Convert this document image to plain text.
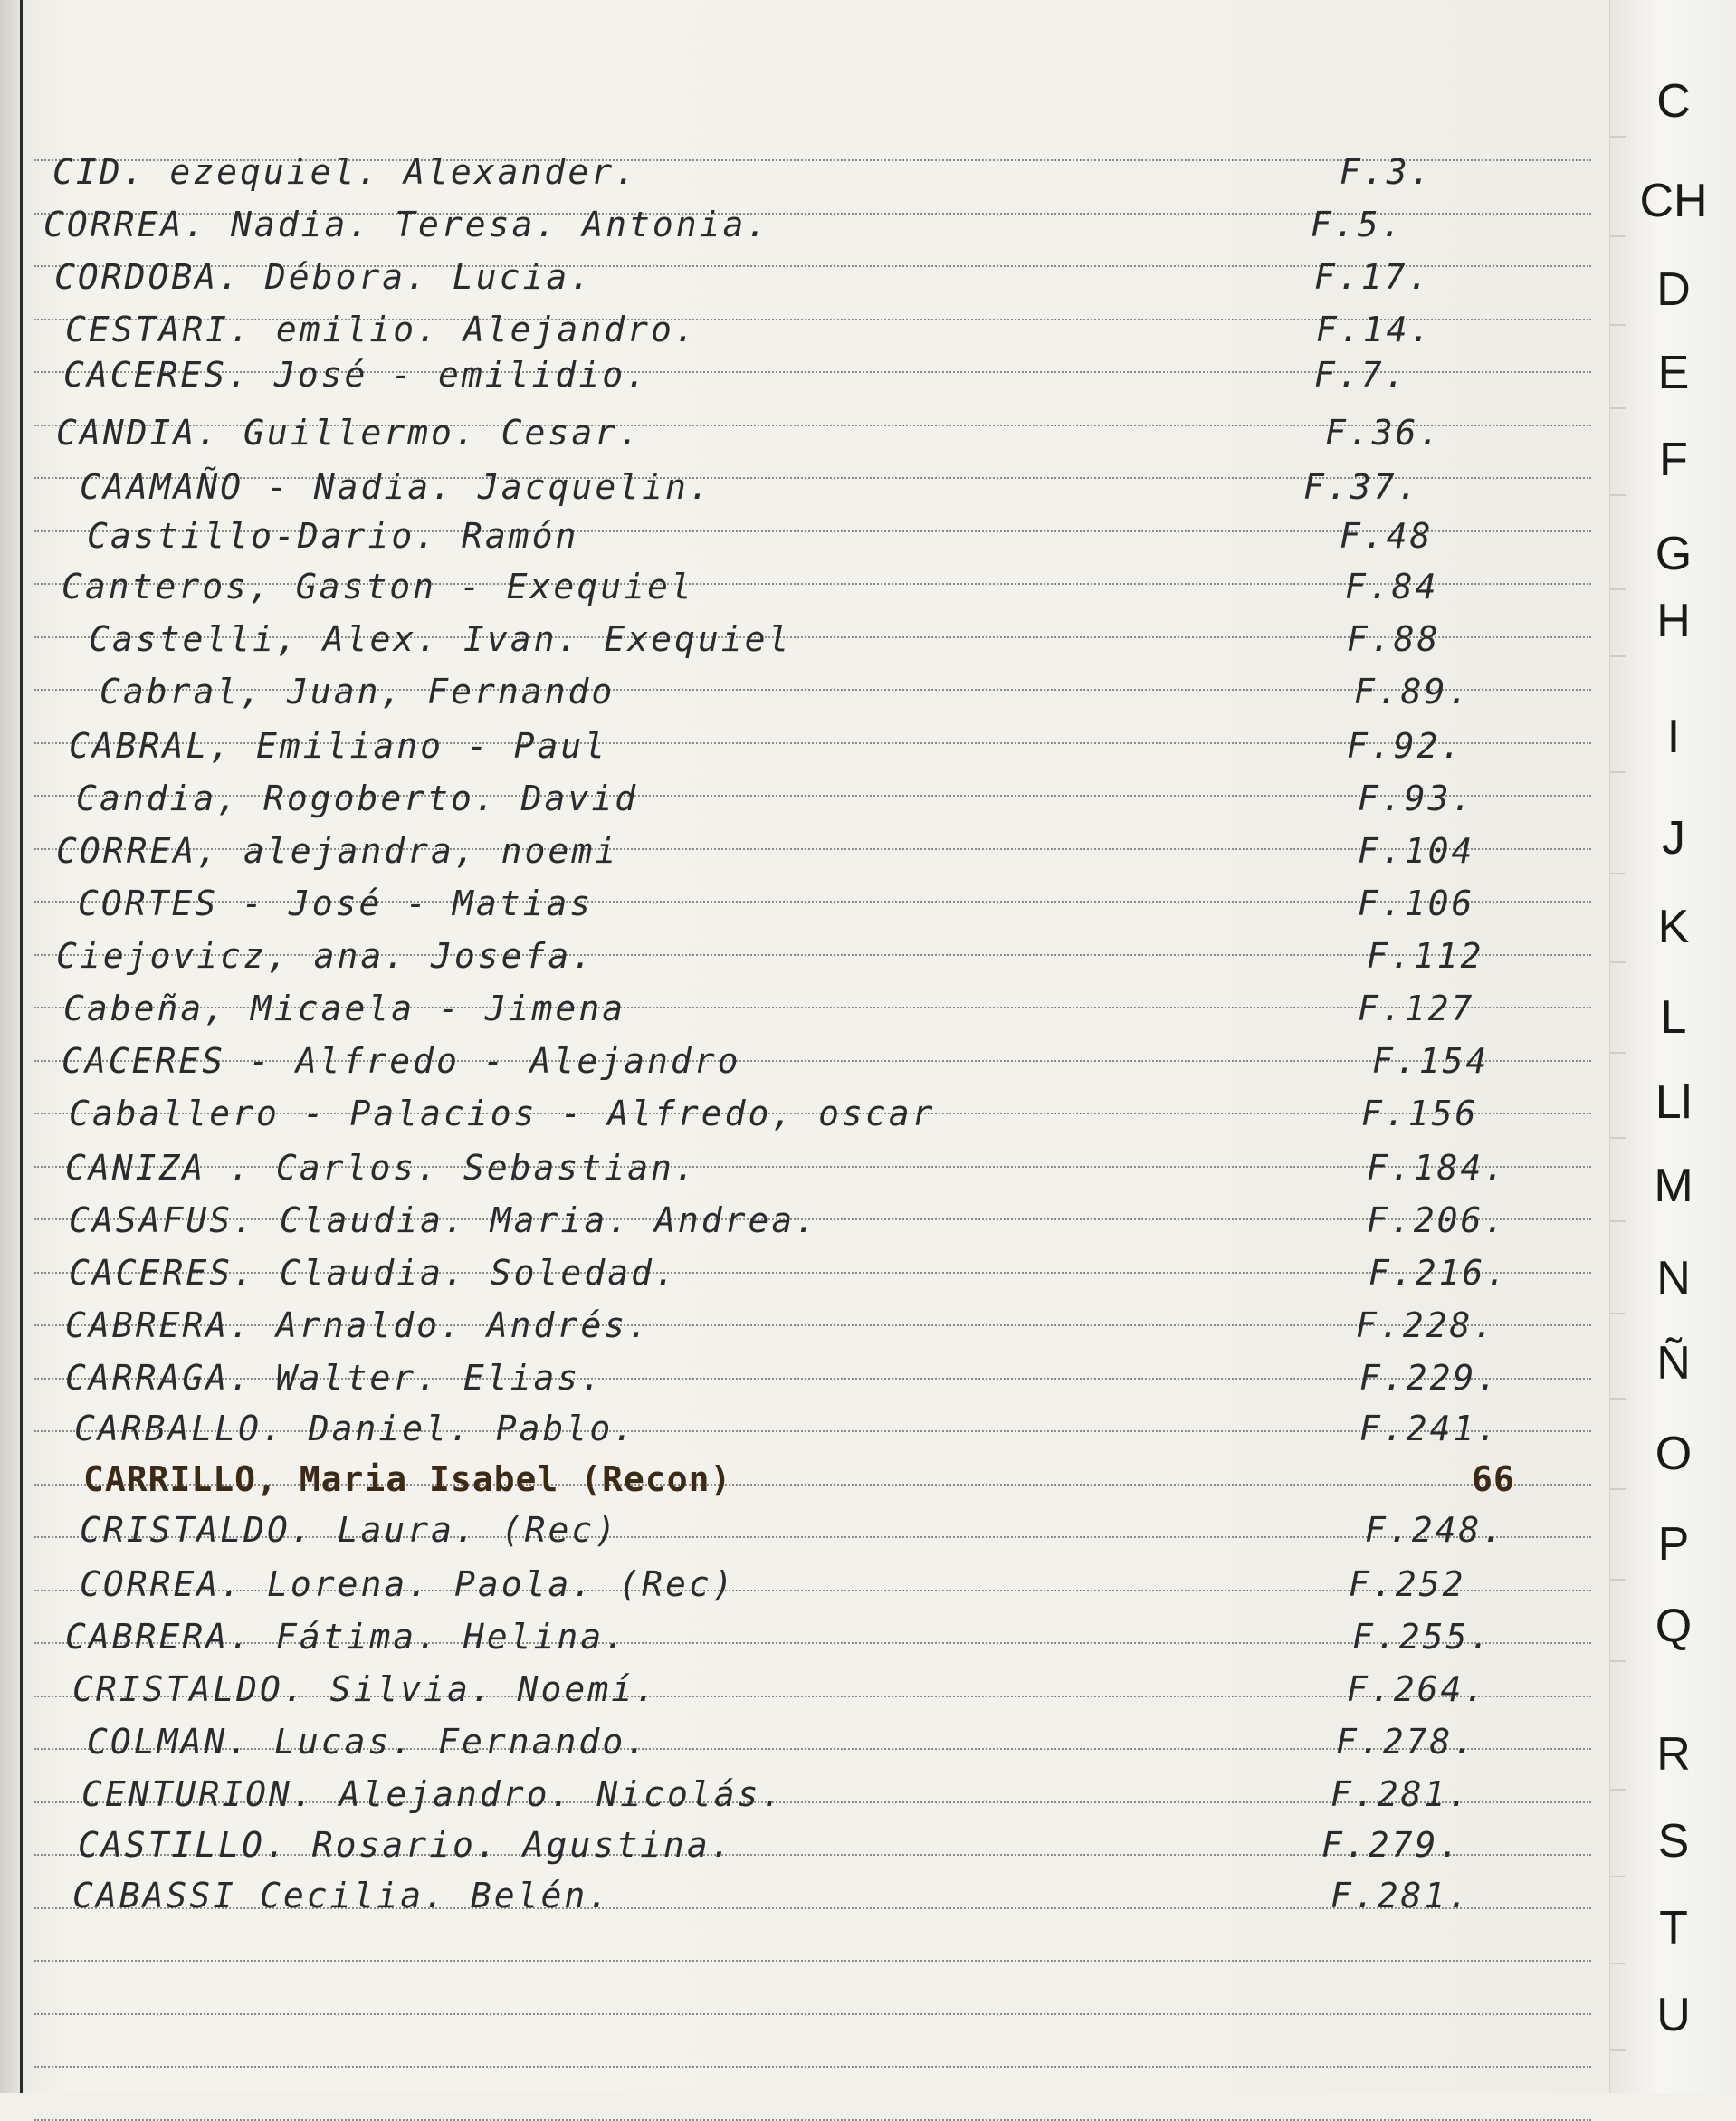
CID. ezequiel. Alexander.	F.3.
CORREA. Nadia. Teresa. Antonia.	F.5.
CORDOBA. Débora. Lucia.	F.17.
CESTARI. emilio. Alejandro.	F.14.
CACERES. José - emilidio.	F.7.
CANDIA. Guillermo. Cesar.	F.36.
CAAMAÑO - Nadia. Jacquelin.	F.37.
Castillo-Dario. Ramón	F.48
Canteros, Gaston - Exequiel	F.84
Castelli, Alex. Ivan. Exequiel	F.88
Cabral, Juan, Fernando	F.89.
CABRAL, Emiliano - Paul	F.92.
Candia, Rogoberto. David	F.93.
CORREA, alejandra, noemi	F.104
CORTES - José - Matias	F.106
Ciejovicz, ana. Josefa.	F.112
Cabeña, Micaela - Jimena	F.127
CACERES - Alfredo - Alejandro	F.154
Caballero - Palacios - Alfredo, oscar	F.156
CANIZA . Carlos. Sebastian.	F.184.
CASAFUS. Claudia. Maria. Andrea.	F.206.
CACERES. Claudia. Soledad.	F.216.
CABRERA. Arnaldo. Andrés.	F.228.
CARRAGA. Walter. Elias.	F.229.
CARBALLO. Daniel. Pablo.	F.241.
CARRILLO, Maria Isabel (Recon)	66
CRISTALDO. Laura. (Rec)	F.248.
CORREA. Lorena. Paola. (Rec)	F.252
CABRERA. Fátima. Helina.	F.255.
CRISTALDO. Silvia. Noemí.	F.264.
COLMAN. Lucas. Fernando.	F.278.
CENTURION. Alejandro. Nicolás.	F.281.
CASTILLO. Rosario. Agustina.	F.279.
CABASSI Cecilia. Belén.	F.281.
C
CH
D
E
F
G
H
I
J
K
L
Ll
M
N
Ñ
O
P
Q
R
S
T
U
